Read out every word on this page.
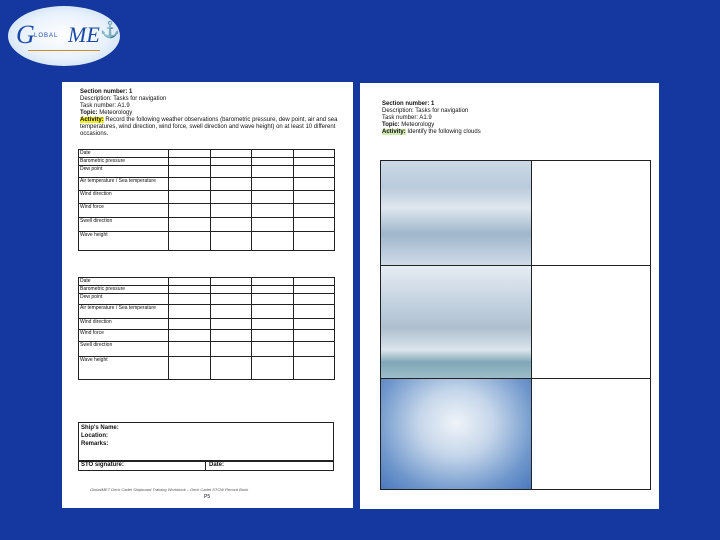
G LOBAL ME ⚓
Section number: 1
Description: Tasks for navigation
Task number: A1.9
Topic: Meteorology
Activity: Record the following weather observations (barometric pressure, dew point, air and sea temperatures, wind direction, wind force, swell direction and wave height) on at least 10 different occasions.
Date				
Barometric pressure				
Dew point				
Air temperature / Sea temperature				
Wind direction				
Wind force				
Swell direction				
Wave height				
Date				
Barometric pressure				
Dew point				
Air temperature / Sea temperature				
Wind direction				
Wind force				
Swell direction				
Wave height				
Ship's Name:
Location:
Remarks:
STO signature:	Date:
GlobalMET Deck Cadet Shipboard Training Workbook – Deck Cadet STCW Record Book
P5
Section number: 1
Description: Tasks for navigation
Task number: A1.9
Topic: Meteorology
Activity: Identify the following clouds
